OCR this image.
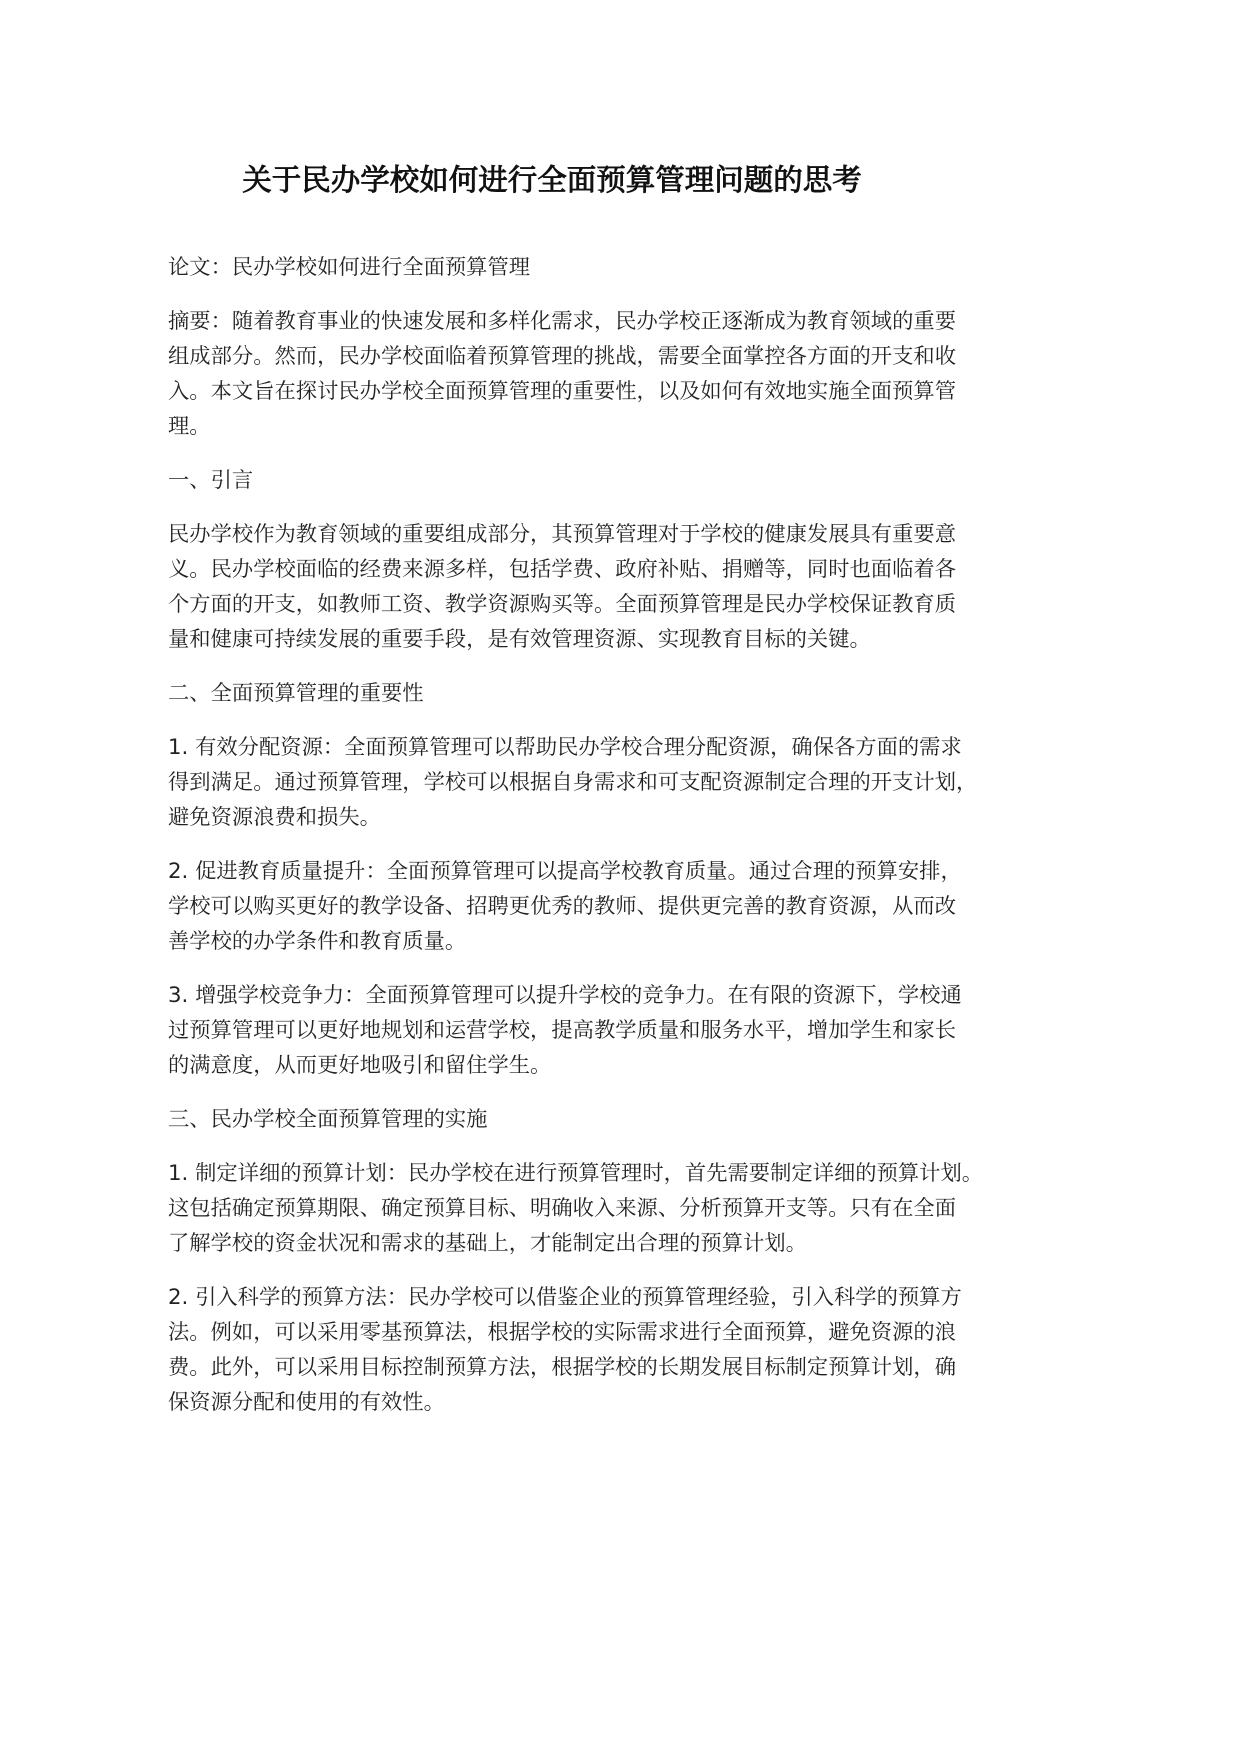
关于民办学校如何进行全面预算管理问题的思考
论文：民办学校如何进行全面预算管理
摘要：随着教育事业的快速发展和多样化需求，民办学校正逐渐成为教育领域的重要
组成部分。然而，民办学校面临着预算管理的挑战，需要全面掌控各方面的开支和收
入。本文旨在探讨民办学校全面预算管理的重要性，以及如何有效地实施全面预算管
理。
一、引言
民办学校作为教育领域的重要组成部分，其预算管理对于学校的健康发展具有重要意
义。民办学校面临的经费来源多样，包括学费、政府补贴、捐赠等，同时也面临着各
个方面的开支，如教师工资、教学资源购买等。全面预算管理是民办学校保证教育质
量和健康可持续发展的重要手段，是有效管理资源、实现教育目标的关键。
二、全面预算管理的重要性
1. 有效分配资源：全面预算管理可以帮助民办学校合理分配资源，确保各方面的需求
得到满足。通过预算管理，学校可以根据自身需求和可支配资源制定合理的开支计划，
避免资源浪费和损失。
2. 促进教育质量提升：全面预算管理可以提高学校教育质量。通过合理的预算安排，
学校可以购买更好的教学设备、招聘更优秀的教师、提供更完善的教育资源，从而改
善学校的办学条件和教育质量。
3. 增强学校竞争力：全面预算管理可以提升学校的竞争力。在有限的资源下，学校通
过预算管理可以更好地规划和运营学校，提高教学质量和服务水平，增加学生和家长
的满意度，从而更好地吸引和留住学生。
三、民办学校全面预算管理的实施
1. 制定详细的预算计划：民办学校在进行预算管理时，首先需要制定详细的预算计划。
这包括确定预算期限、确定预算目标、明确收入来源、分析预算开支等。只有在全面
了解学校的资金状况和需求的基础上，才能制定出合理的预算计划。
2. 引入科学的预算方法：民办学校可以借鉴企业的预算管理经验，引入科学的预算方
法。例如，可以采用零基预算法，根据学校的实际需求进行全面预算，避免资源的浪
费。此外，可以采用目标控制预算方法，根据学校的长期发展目标制定预算计划，确
保资源分配和使用的有效性。
